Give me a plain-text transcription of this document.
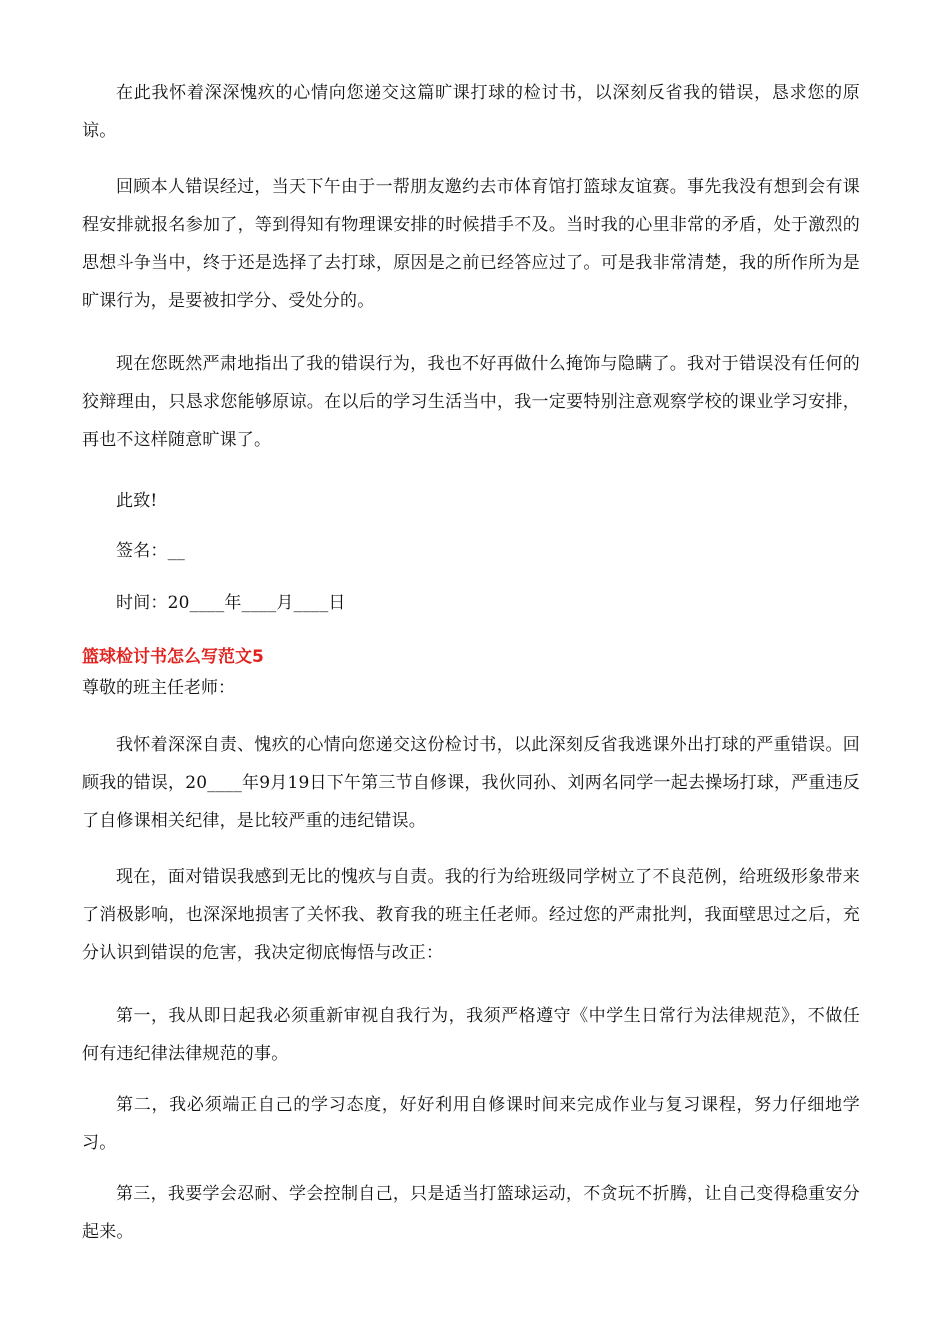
在此我怀着深深愧疚的心情向您递交这篇旷课打球的检讨书，以深刻反省我的错误，恳求您的原谅。

回顾本人错误经过，当天下午由于一帮朋友邀约去市体育馆打篮球友谊赛。事先我没有想到会有课程安排就报名参加了，等到得知有物理课安排的时候措手不及。当时我的心里非常的矛盾，处于激烈的思想斗争当中，终于还是选择了去打球，原因是之前已经答应过了。可是我非常清楚，我的所作所为是旷课行为，是要被扣学分、受处分的。

现在您既然严肃地指出了我的错误行为，我也不好再做什么掩饰与隐瞒了。我对于错误没有任何的狡辩理由，只恳求您能够原谅。在以后的学习生活当中，我一定要特别注意观察学校的课业学习安排，再也不这样随意旷课了。

此致!

签名：__

时间：20____年____月____日

篮球检讨书怎么写范文5

尊敬的班主任老师：

我怀着深深自责、愧疚的心情向您递交这份检讨书，以此深刻反省我逃课外出打球的严重错误。回顾我的错误，20____年9月19日下午第三节自修课，我伙同孙、刘两名同学一起去操场打球，严重违反了自修课相关纪律，是比较严重的违纪错误。

现在，面对错误我感到无比的愧疚与自责。我的行为给班级同学树立了不良范例，给班级形象带来了消极影响，也深深地损害了关怀我、教育我的班主任老师。经过您的严肃批判，我面壁思过之后，充分认识到错误的危害，我决定彻底悔悟与改正：

第一，我从即日起我必须重新审视自我行为，我须严格遵守《中学生日常行为法律规范》，不做任何有违纪律法律规范的事。

第二，我必须端正自己的学习态度，好好利用自修课时间来完成作业与复习课程，努力仔细地学习。

第三，我要学会忍耐、学会控制自己，只是适当打篮球运动，不贪玩不折腾，让自己变得稳重安分起来。
